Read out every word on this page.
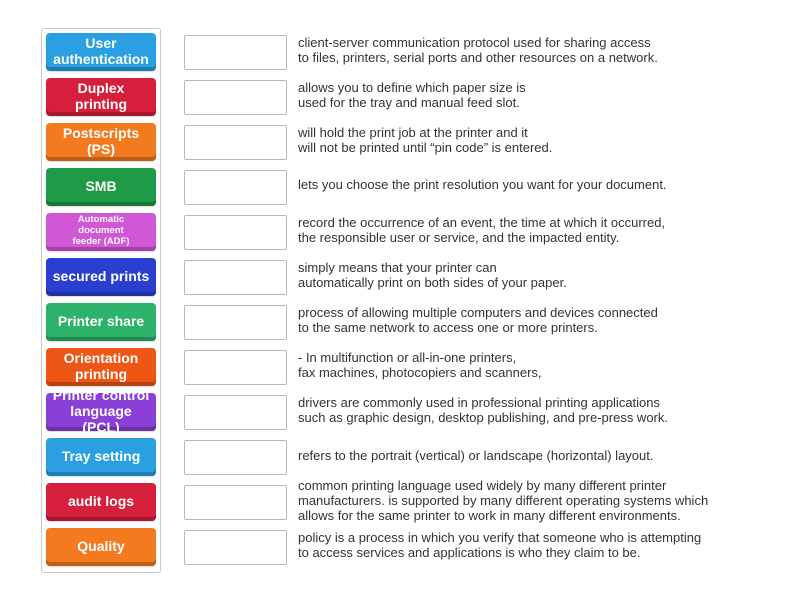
User
authentication
Duplex
printing
Postscripts
(PS)
SMB
Automatic
document
feeder (ADF)
secured prints
Printer share
Orientation
printing
Printer control
language (PCL)
Tray setting
audit logs
Quality
client-server communication protocol used for sharing access
to files, printers, serial ports and other resources on a network.
allows you to define which paper size is
used for the tray and manual feed slot.
will hold the print job at the printer and it
will not be printed until “pin code” is entered.
lets you choose the print resolution you want for your document.
record the occurrence of an event, the time at which it occurred,
the responsible user or service, and the impacted entity.
simply means that your printer can
automatically print on both sides of your paper.
process of allowing multiple computers and devices connected
to the same network to access one or more printers.
- In multifunction or all-in-one printers,
fax machines, photocopiers and scanners,
drivers are commonly used in professional printing applications
such as graphic design, desktop publishing, and pre-press work.
refers to the portrait (vertical) or landscape (horizontal) layout.
common printing language used widely by many different printer
manufacturers. is supported by many different operating systems which
allows for the same printer to work in many different environments.
policy is a process in which you verify that someone who is attempting
to access services and applications is who they claim to be.
